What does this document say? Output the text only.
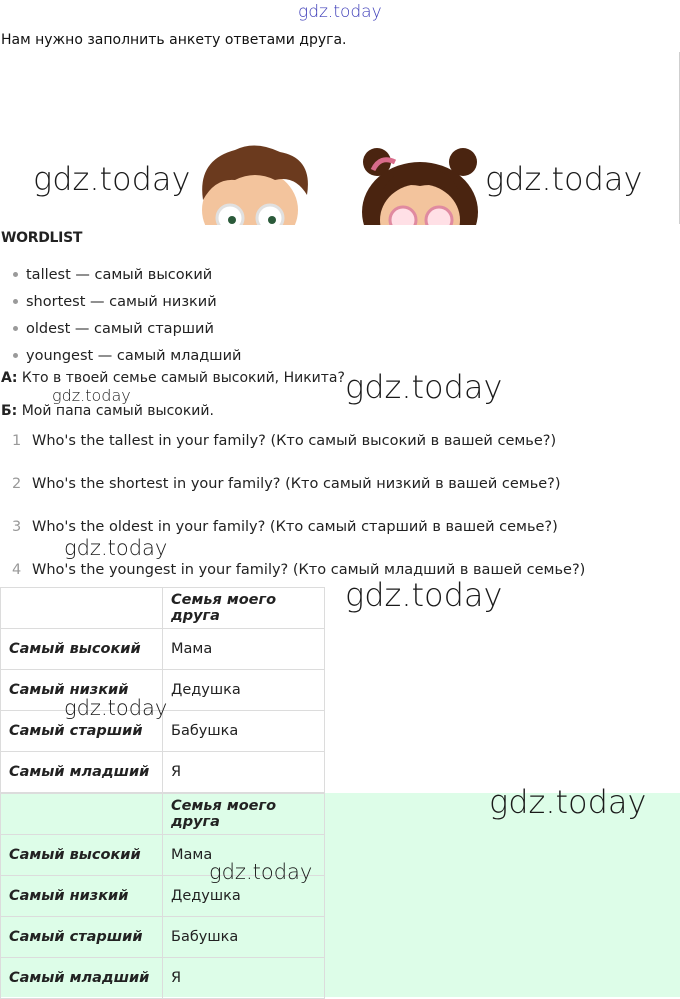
gdz.today
Нам нужно заполнить анкету ответами друга.
gdz.today	gdz.today
WORDLIST
tallest — самый высокий
shortest — самый низкий
oldest — самый старший
youngest — самый младший
А: Кто в твоей семье самый высокий, Никита?
Б: Мой папа самый высокий.
gdz.today
gdz.today
1 Who's the tallest in your family? (Кто самый высокий в вашей семье?)
2 Who's the shortest in your family? (Кто самый низкий в вашей семье?)
3 Who's the oldest in your family? (Кто самый старший в вашей семье?)
4 Who's the youngest in your family? (Кто самый младший в вашей семье?)
gdz.today
gdz.today
	Семья моего друга
Самый высокий	Мама
Самый низкий	Дедушка
Самый старший	Бабушка
Самый младший	Я
gdz.today
	Семья моего друга
Самый высокий	Мама
Самый низкий	Дедушка
Самый старший	Бабушка
Самый младший	Я
gdz.today
gdz.today
